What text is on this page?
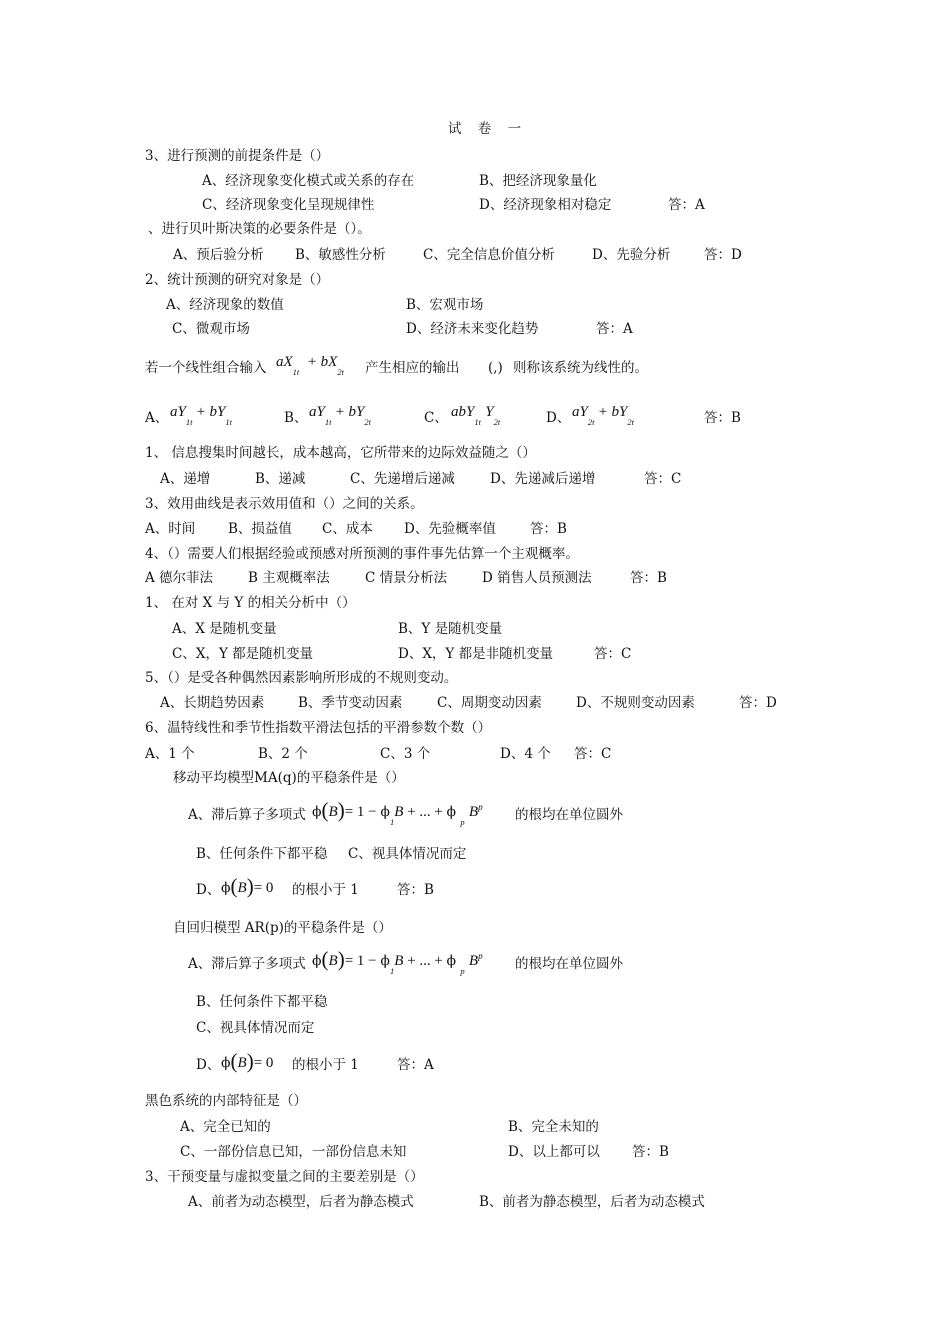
试 卷 一
3、进行预测的前提条件是（）
A、经济现象变化模式或关系的存在	B、把经济现象量化
C、经济现象变化呈现规律性	D、经济现象相对稳定	答：A
、进行贝叶斯决策的必要条件是（）。
A、预后验分析 B、敏感性分析	C、完全信息价值分析	D、先验分析 答：D
2、统计预测的研究对象是（）
A、经济现象的数值	B、宏观市场
C、微观市场	D、经济未来变化趋势	答：A
若一个线性组合输入 $aX_{1t} + bX_{2t}$ 产生相应的输出 (,) 则称该系统为线性的。
A、 $aY_{1t} + bY_{1t}$	B、 $aY_{1t} + bY_{2t}$	C、 abY$_{1t}$ $Y_{2t}$	D、 $aY_{2t} + bY_{2t}$	答：B
1、 信息搜集时间越长，成本越高，它所带来的边际效益随之（）
A、递增	B、递减	C、先递增后递减	D、先递减后递增	答：C
3、效用曲线是表示效用值和（）之间的关系。
A、时间 B、损益值 C、成本 D、先验概率值	答：B
4、（）需要人们根据经验或预感对所预测的事件事先估算一个主观概率。
A 德尔菲法	B 主观概率法	C 情景分析法	D 销售人员预测法	答：B
1、 在对 X 与 Y 的相关分析中（）
A、X 是随机变量	B、Y 是随机变量
C、X，Y 都是随机变量	D、X，Y 都是非随机变量	答：C
5、（）是受各种偶然因素影响所形成的不规则变动。
A、长期趋势因素	B、季节变动因素	C、周期变动因素	D、不规则变动因素	答：D
6、温特线性和季节性指数平滑法包括的平滑参数个数（）
A、1 个	B、2 个	C、3 个	D、4 个 答：C
移动平均模型MA(q)的平稳条件是（）
A、滞后算子多项式 $\phi(B)= 1 - \phi_1B$ + ... + ϕ $_p$ $B^p$ 的根均在单位圆外
B、任何条件下都平稳 C、视具体情况而定
D、 ϕ(B)= 0 的根小于 1	答：B
自回归模型 AR(p)的平稳条件是（）
A、滞后算子多项式 $\phi(B)= 1 - \phi_1B$ + ... + ϕ $_p$ $B^p$ 的根均在单位圆外
B、任何条件下都平稳
C、视具体情况而定
D、 ϕ(B)= 0 的根小于 1	答：A
黑色系统的内部特征是（）
A、完全已知的	B、完全未知的
C、一部份信息已知，一部份信息未知	D、以上都可以 答：B
3、干预变量与虚拟变量之间的主要差别是（）
A、前者为动态模型，后者为静态模式	B、前者为静态模型，后者为动态模式
